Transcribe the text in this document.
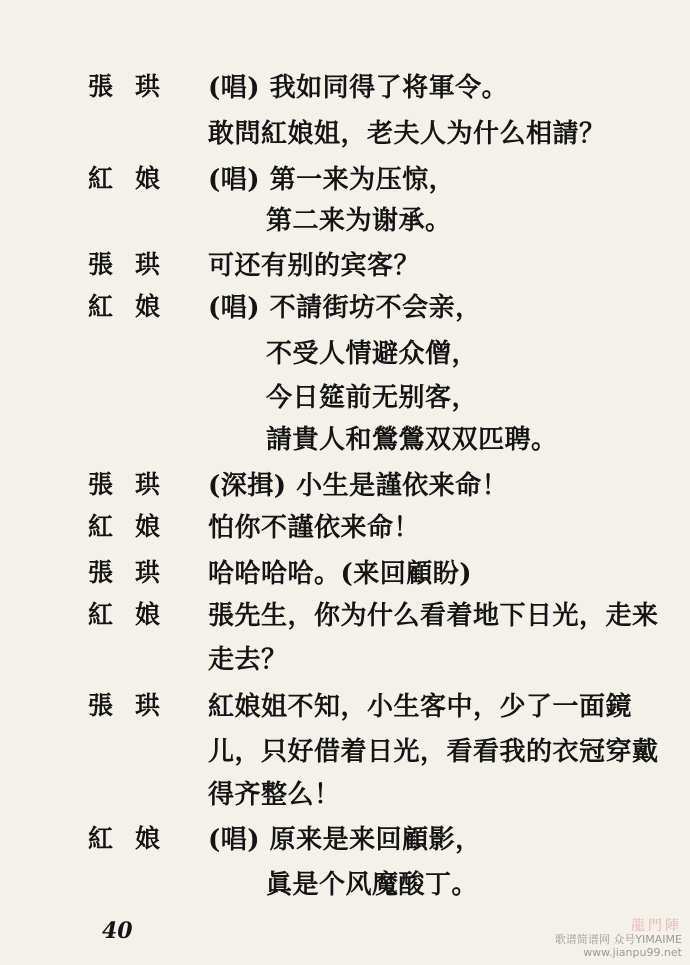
張珙 (唱) 我如同得了将軍令。
敢問紅娘姐，老夫人为什么相請？
紅娘 (唱) 第一来为压惊，
第二来为谢承。
張珙 可还有别的宾客？
紅娘 (唱) 不請街坊不会亲，
不受人情避众僧，
今日筵前无别客，
請貴人和鶯鶯双双匹聘。
張珙 (深揖) 小生是謹依来命！
紅娘 怕你不謹依来命！
張珙 哈哈哈哈。(来回顧盼)
紅娘 張先生，你为什么看着地下日光，走来
走去？
張珙 紅娘姐不知，小生客中，少了一面鏡
儿，只好借着日光，看看我的衣冠穿戴
得齐整么！
紅娘 (唱) 原来是来回顧影，
眞是个风魔酸丁。
40	龍門陣
歌谱简谱网 众号YIMAIME
www.jianpu99.net
